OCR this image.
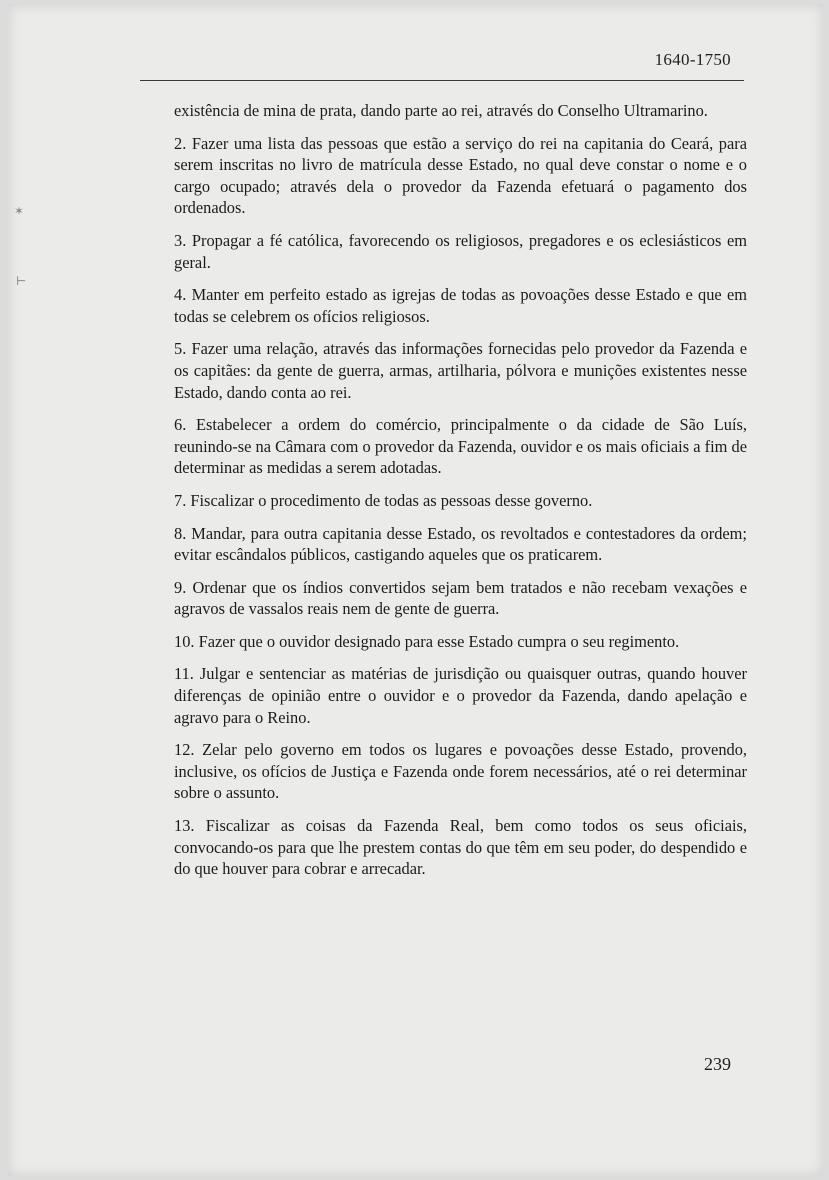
1640-1750
✶
⊢

existência de mina de prata, dando parte ao rei, através do Conselho Ultramarino.

2. Fazer uma lista das pessoas que estão a serviço do rei na capitania do Ceará, para serem inscritas no livro de matrícula desse Estado, no qual deve constar o nome e o cargo ocupado; através dela o provedor da Fazenda efetuará o pagamento dos ordenados.

3. Propagar a fé católica, favorecendo os religiosos, pregadores e os eclesiásticos em geral.

4. Manter em perfeito estado as igrejas de todas as povoações desse Estado e que em todas se celebrem os ofícios religiosos.

5. Fazer uma relação, através das informações fornecidas pelo provedor da Fazenda e os capitães: da gente de guerra, armas, artilharia, pólvora e munições existentes nesse Estado, dando conta ao rei.

6. Estabelecer a ordem do comércio, principalmente o da cidade de São Luís, reunindo-se na Câmara com o provedor da Fazenda, ouvidor e os mais oficiais a fim de determinar as medidas a serem adotadas.

7. Fiscalizar o procedimento de todas as pessoas desse governo.

8. Mandar, para outra capitania desse Estado, os revoltados e contestadores da ordem; evitar escândalos públicos, castigando aqueles que os praticarem.

9. Ordenar que os índios convertidos sejam bem tratados e não recebam vexações e agravos de vassalos reais nem de gente de guerra.

10. Fazer que o ouvidor designado para esse Estado cumpra o seu regimento.

11. Julgar e sentenciar as matérias de jurisdição ou quaisquer outras, quando houver diferenças de opinião entre o ouvidor e o provedor da Fazenda, dando apelação e agravo para o Reino.

12. Zelar pelo governo em todos os lugares e povoações desse Estado, provendo, inclusive, os ofícios de Justiça e Fazenda onde forem necessários, até o rei determinar sobre o assunto.

13. Fiscalizar as coisas da Fazenda Real, bem como todos os seus oficiais, convocando-os para que lhe prestem contas do que têm em seu poder, do despendido e do que houver para cobrar e arrecadar.

239
